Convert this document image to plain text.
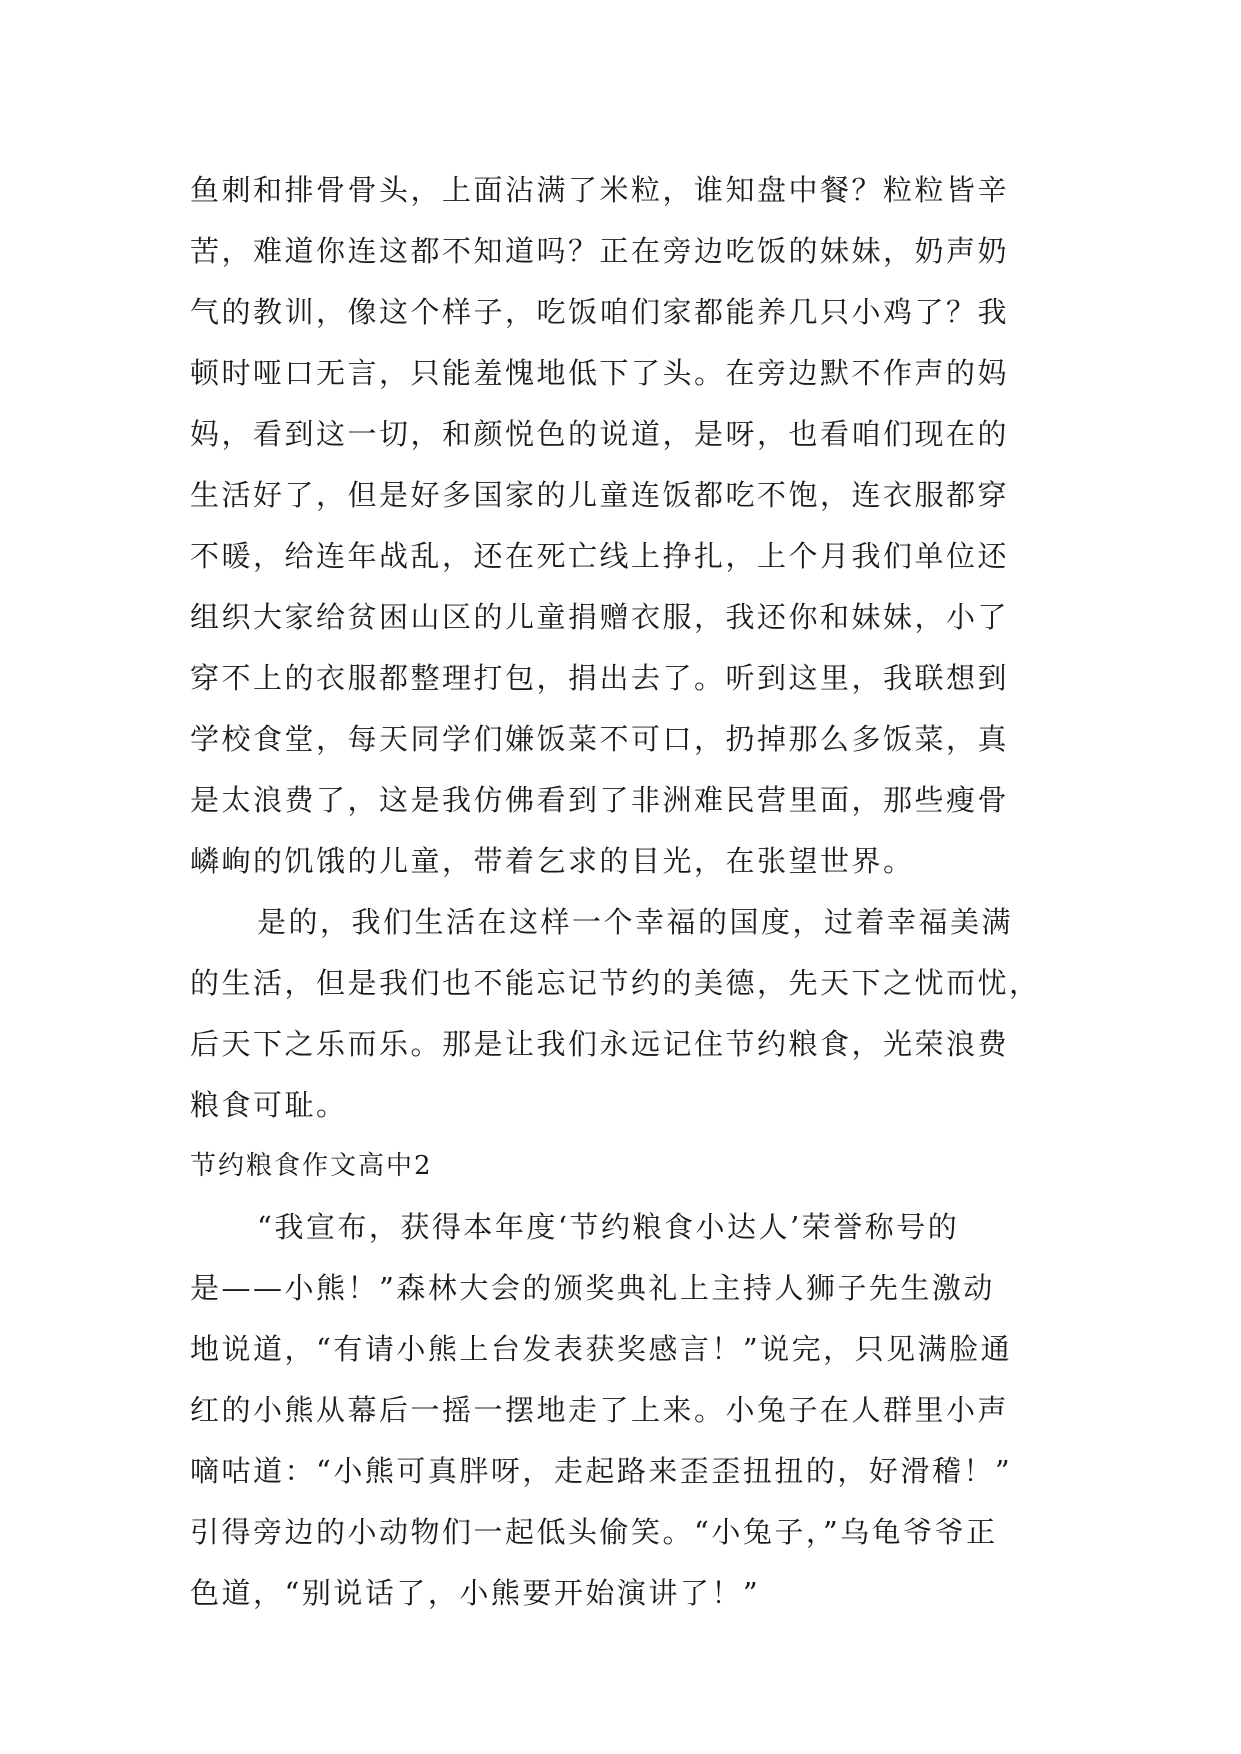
鱼刺和排骨骨头，上面沾满了米粒，谁知盘中餐？粒粒皆辛
苦，难道你连这都不知道吗？正在旁边吃饭的妹妹，奶声奶
气的教训，像这个样子，吃饭咱们家都能养几只小鸡了？我
顿时哑口无言，只能羞愧地低下了头。在旁边默不作声的妈
妈，看到这一切，和颜悦色的说道，是呀，也看咱们现在的
生活好了，但是好多国家的儿童连饭都吃不饱，连衣服都穿
不暖，给连年战乱，还在死亡线上挣扎，上个月我们单位还
组织大家给贫困山区的儿童捐赠衣服，我还你和妹妹，小了
穿不上的衣服都整理打包，捐出去了。听到这里，我联想到
学校食堂，每天同学们嫌饭菜不可口，扔掉那么多饭菜，真
是太浪费了，这是我仿佛看到了非洲难民营里面，那些瘦骨
嶙峋的饥饿的儿童，带着乞求的目光，在张望世界。
是的，我们生活在这样一个幸福的国度，过着幸福美满
的生活，但是我们也不能忘记节约的美德，先天下之忧而忧，
后天下之乐而乐。那是让我们永远记住节约粮食，光荣浪费
粮食可耻。
节约粮食作文高中2
“我宣布，获得本年度‘节约粮食小达人’荣誉称号的
是——小熊！”森林大会的颁奖典礼上主持人狮子先生激动
地说道，“有请小熊上台发表获奖感言！”说完，只见满脸通
红的小熊从幕后一摇一摆地走了上来。小兔子在人群里小声
嘀咕道：“小熊可真胖呀，走起路来歪歪扭扭的，好滑稽！”
引得旁边的小动物们一起低头偷笑。“小兔子，”乌龟爷爷正
色道，“别说话了，小熊要开始演讲了！”
